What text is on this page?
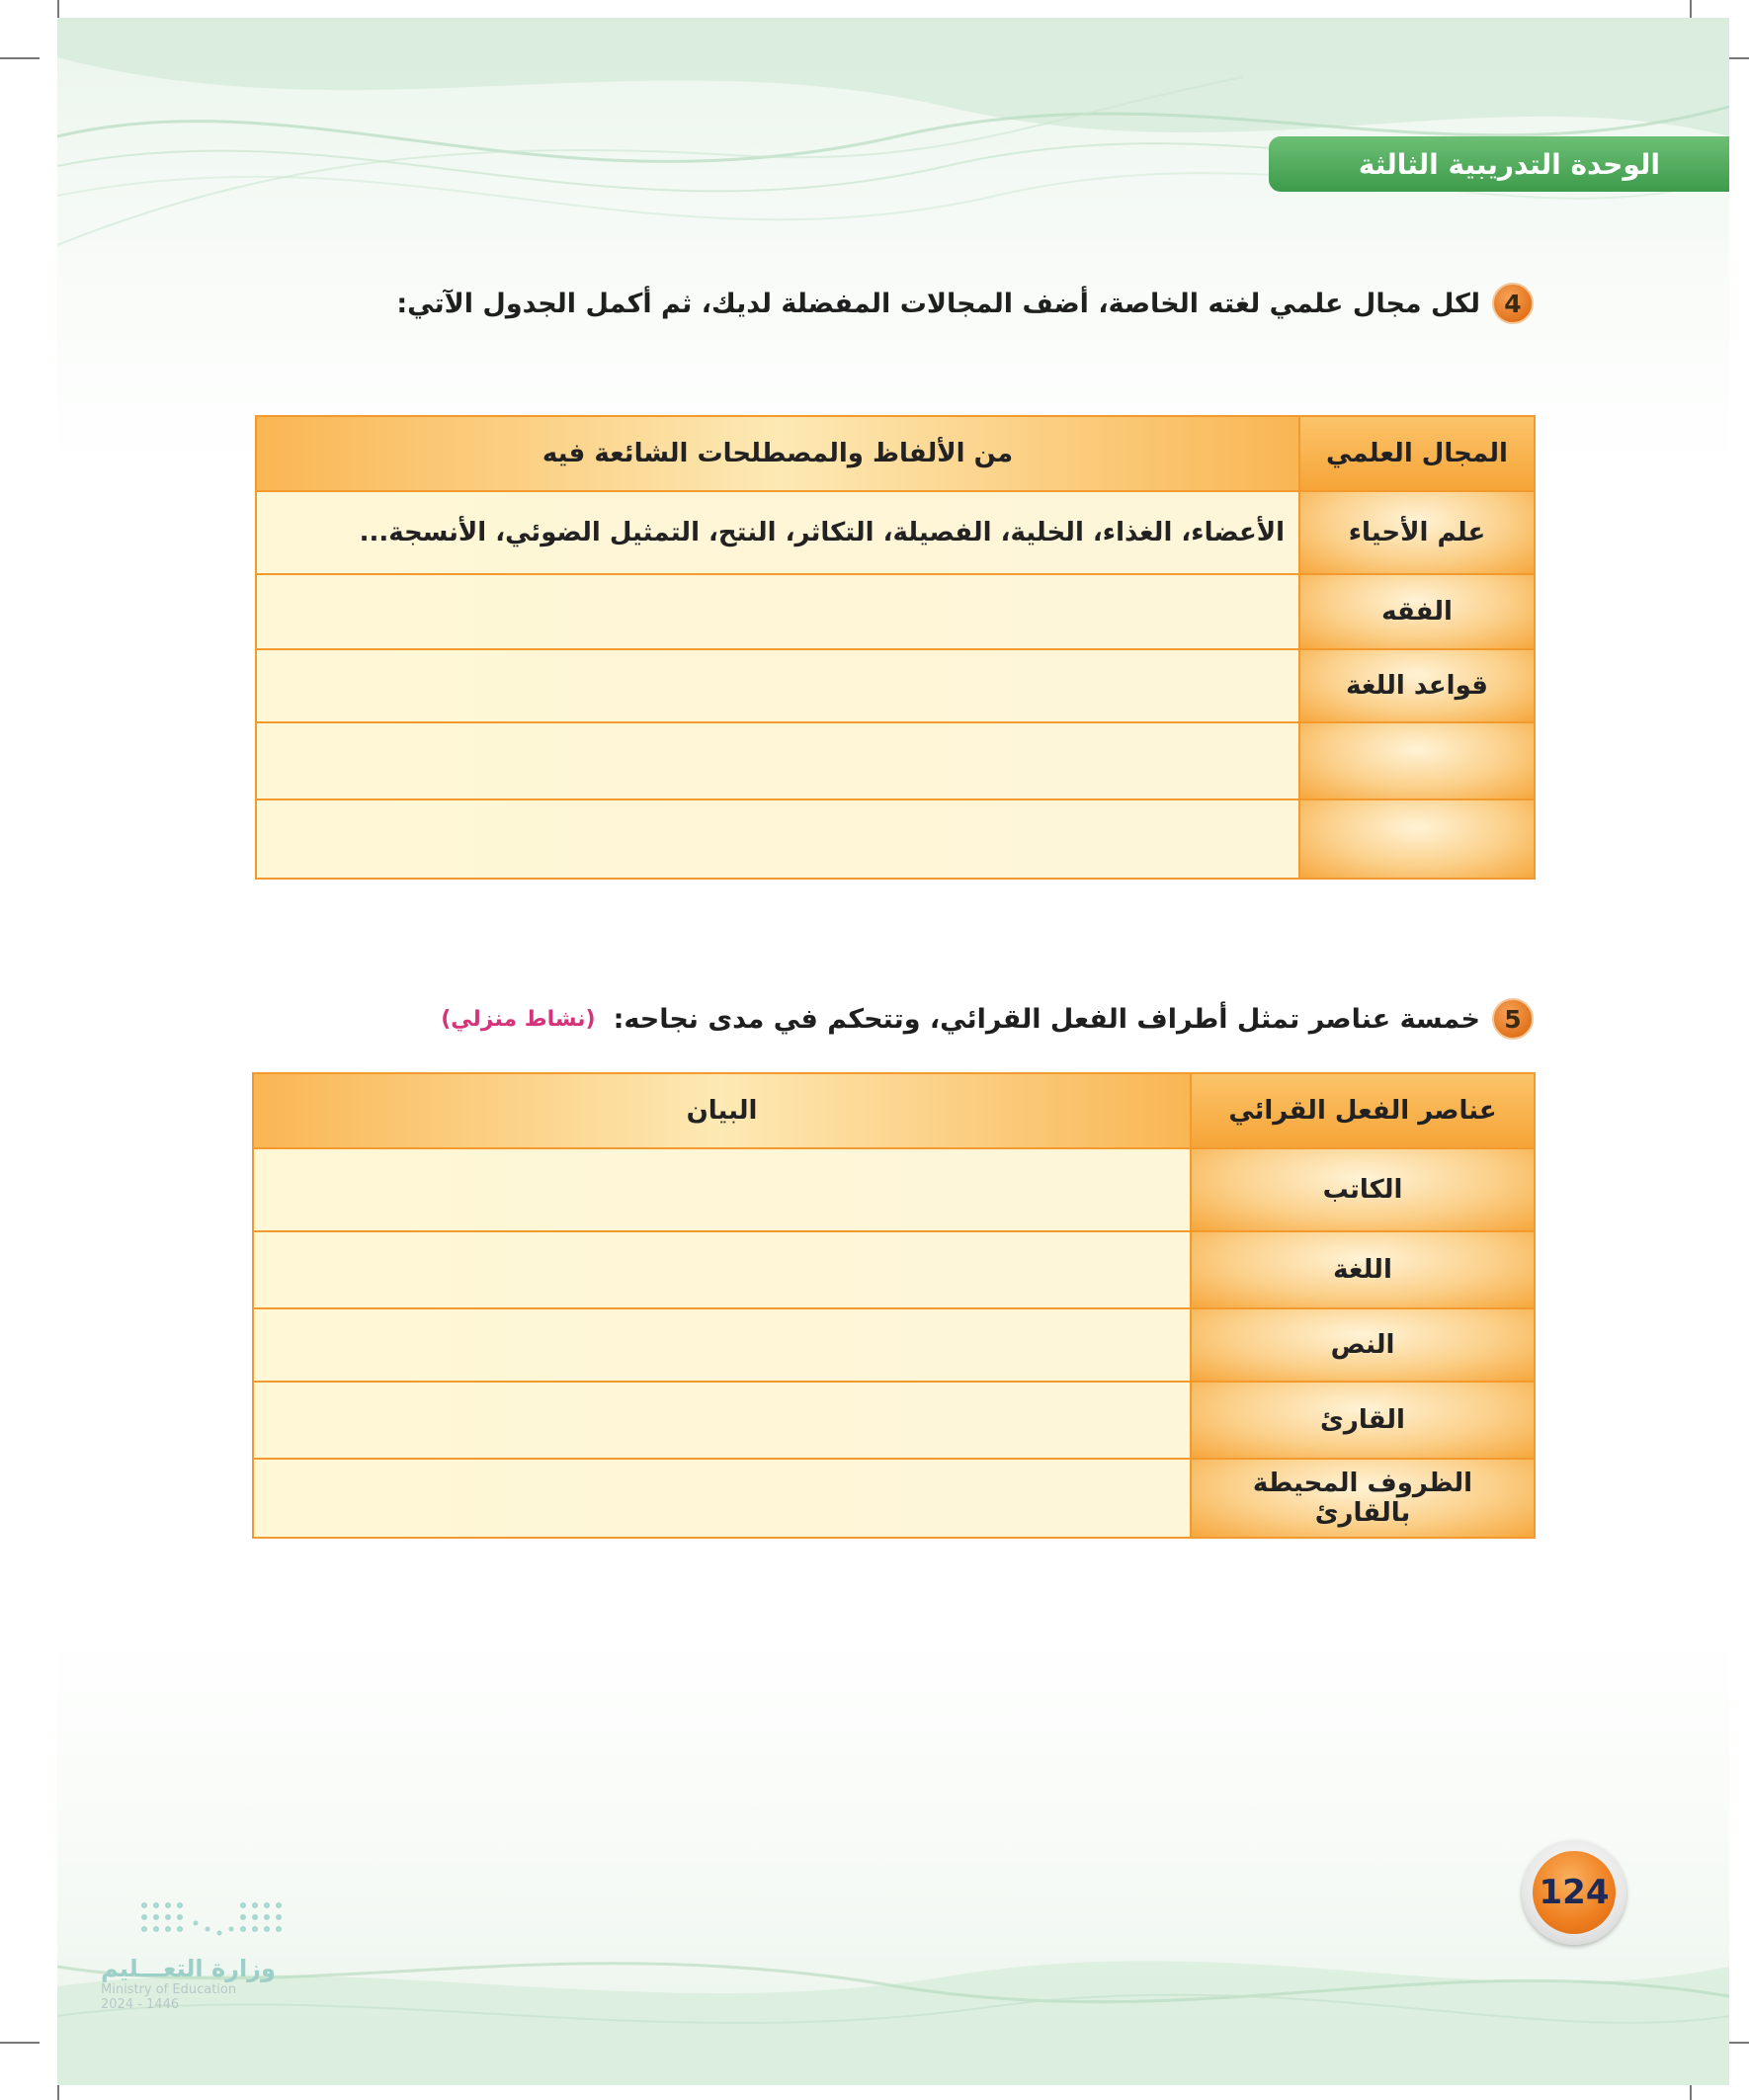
الوحدة التدريبية الثالثة
4
لكل مجال علمي لغته الخاصة، أضف المجالات المفضلة لديك، ثم أكمل الجدول الآتي:
المجال العلمي	من الألفاظ والمصطلحات الشائعة فيه
علم الأحياء	الأعضاء، الغذاء، الخلية، الفصيلة، التكاثر، النتح، التمثيل الضوئي، الأنسجة...
الفقه	
قواعد اللغة	

5
خمسة عناصر تمثل أطراف الفعل القرائي، وتتحكم في مدى نجاحه:
(نشاط منزلي)
عناصر الفعل القرائي	البيان
الكاتب	
اللغة	
النص	
القارئ	
الظروف المحيطة بالقارئ	
124
وزارة التعـــليم
Ministry of Education
2024 - 1446
